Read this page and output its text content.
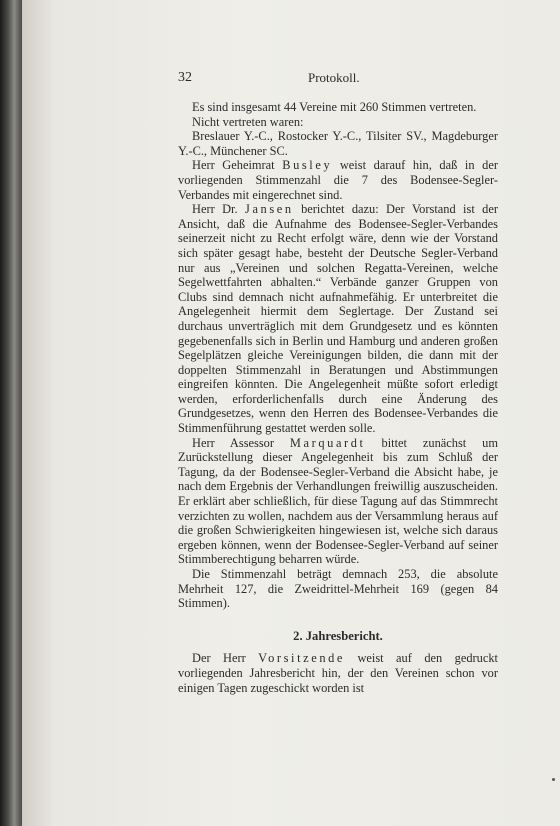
32	Protokoll.

Es sind insgesamt 44 Vereine mit 260 Stimmen vertreten.

Nicht vertreten waren:

Breslauer Y.-C., Rostocker Y.-C., Tilsiter SV., Magdeburger Y.-C., Münchener SC.

Herr Geheimrat Busley weist darauf hin, daß in der vorliegenden Stimmenzahl die 7 des Bodensee-Segler-Verbandes mit eingerechnet sind.

Herr Dr. Jansen berichtet dazu: Der Vorstand ist der Ansicht, daß die Aufnahme des Bodensee-Segler-Verbandes seinerzeit nicht zu Recht erfolgt wäre, denn wie der Vorstand sich später gesagt habe, besteht der Deutsche Segler-Verband nur aus „Vereinen und solchen Regatta-Vereinen, welche Segelwettfahrten abhalten.“ Verbände ganzer Gruppen von Clubs sind demnach nicht aufnahmefähig. Er unterbreitet die Angelegenheit hiermit dem Seglertage. Der Zustand sei durchaus unverträglich mit dem Grundgesetz und es könnten gegebenenfalls sich in Berlin und Hamburg und anderen großen Segelplätzen gleiche Vereinigungen bilden, die dann mit der doppelten Stimmenzahl in Beratungen und Abstimmungen eingreifen könnten. Die Angelegenheit müßte sofort erledigt werden, erforderlichenfalls durch eine Änderung des Grundgesetzes, wenn den Herren des Bodensee-Verbandes die Stimmenführung gestattet werden solle.

Herr Assessor Marquardt bittet zunächst um Zurückstellung dieser Angelegenheit bis zum Schluß der Tagung, da der Bodensee-Segler-Verband die Absicht habe, je nach dem Ergebnis der Verhandlungen freiwillig auszuscheiden. Er erklärt aber schließlich, für diese Tagung auf das Stimmrecht verzichten zu wollen, nachdem aus der Versammlung heraus auf die großen Schwierigkeiten hingewiesen ist, welche sich daraus ergeben können, wenn der Bodensee-Segler-Verband auf seiner Stimmberechtigung beharren würde.

Die Stimmenzahl beträgt demnach 253, die absolute Mehrheit 127, die Zweidrittel-Mehrheit 169 (gegen 84 Stimmen).

2. Jahresbericht.

Der Herr Vorsitzende weist auf den gedruckt vorliegenden Jahresbericht hin, der den Vereinen schon vor einigen Tagen zugeschickt worden ist
